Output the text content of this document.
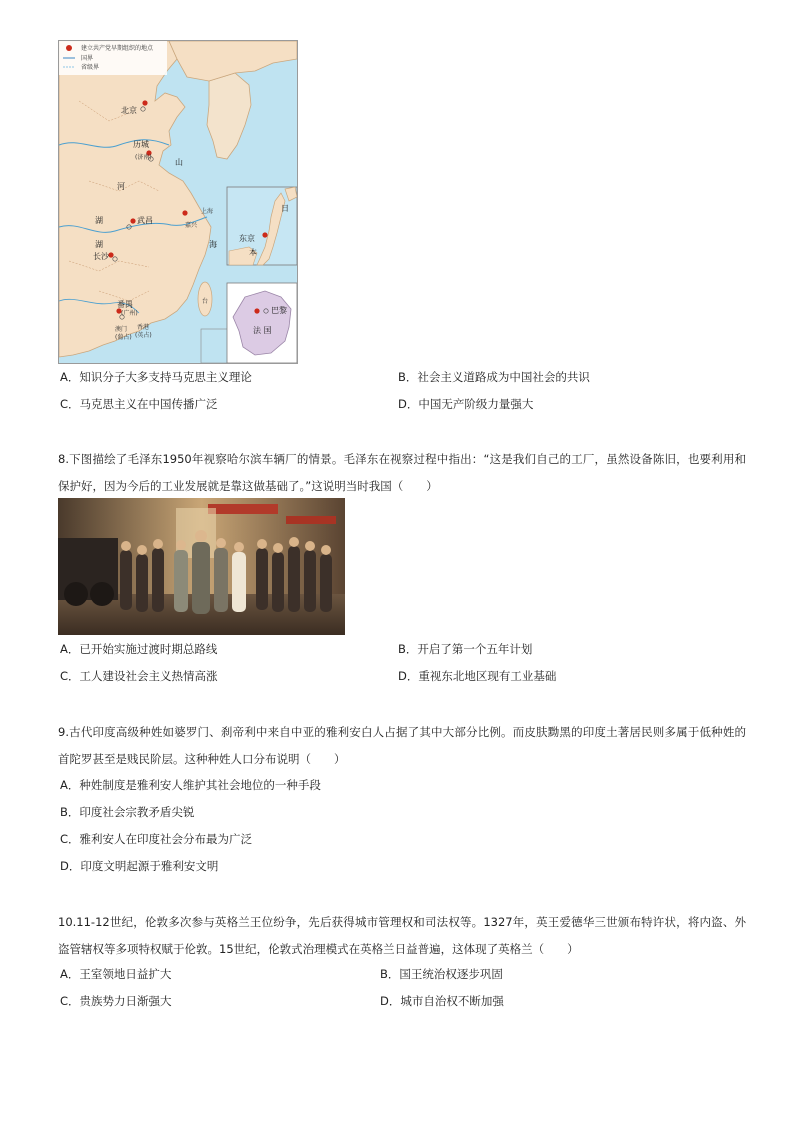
建立共产党早期组织的地点
国界
省级界
北京
历城
(济南)
上海
嘉兴
武昌
长沙
番禺
(广州)
澳门
(葡占)
香港
(英占)
东京
巴黎
日
本
法 国
湖
湖
河
山
台
海
A．知识分子大多支持马克思主义理论	B．社会主义道路成为中国社会的共识
C．马克思主义在中国传播广泛	D．中国无产阶级力量强大
8.下图描绘了毛泽东1950年视察哈尔滨车辆厂的情景。毛泽东在视察过程中指出：“这是我们自己的工厂，虽然设备陈旧，也要利用和保护好，因为今后的工业发展就是靠这做基础了。”这说明当时我国（　　）
A．已开始实施过渡时期总路线	B．开启了第一个五年计划
C．工人建设社会主义热情高涨	D．重视东北地区现有工业基础
9.古代印度高级种姓如婆罗门、刹帝利中来自中亚的雅利安白人占据了其中大部分比例。而皮肤黝黑的印度土著居民则多属于低种姓的首陀罗甚至是贱民阶层。这种种姓人口分布说明（　　）
A．种姓制度是雅利安人维护其社会地位的一种手段
B．印度社会宗教矛盾尖锐
C．雅利安人在印度社会分布最为广泛
D．印度文明起源于雅利安文明
10.11-12世纪，伦敦多次参与英格兰王位纷争，先后获得城市管理权和司法权等。1327年，英王爱德华三世颁布特许状，将内盗、外盗管辖权等多项特权赋于伦敦。15世纪，伦敦式治理模式在英格兰日益普遍，这体现了英格兰（　　）
A．王室领地日益扩大	B．国王统治权逐步巩固
C．贵族势力日渐强大	D．城市自治权不断加强
